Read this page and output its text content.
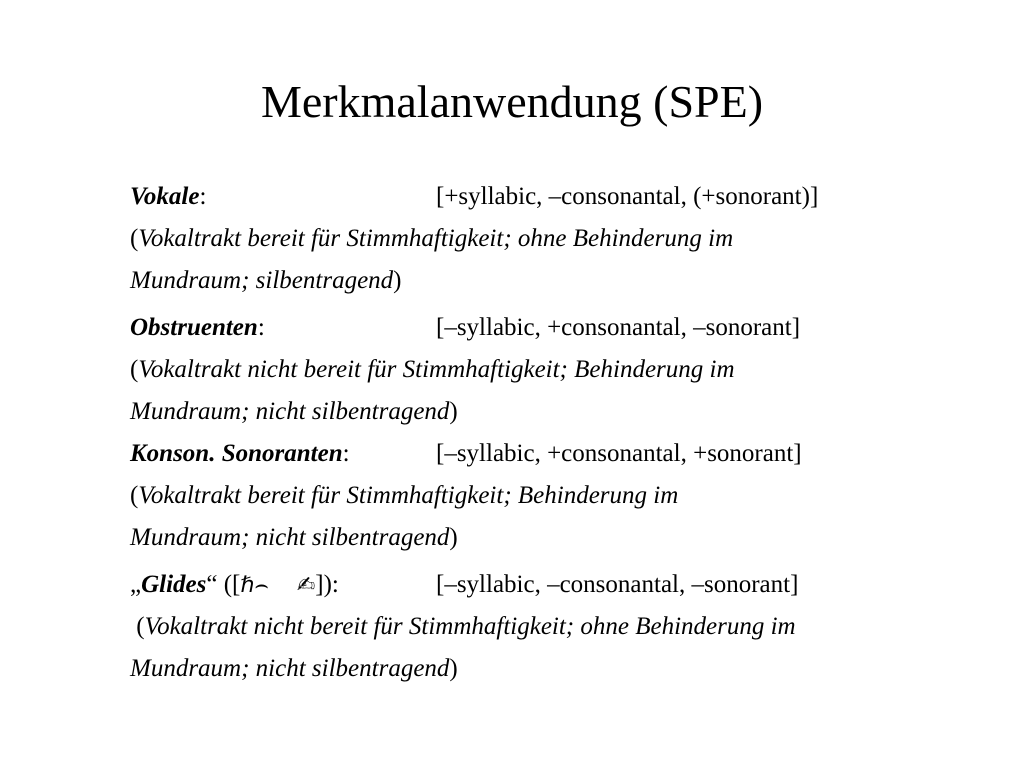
Merkmalanwendung (SPE)
Vokale:	[+syllabic, –consonantal, (+sonorant)]
(Vokaltrakt bereit für Stimmhaftigkeit; ohne Behinderung im
Mundraum; silbentragend)
Obstruenten:	[–syllabic, +consonantal, –sonorant]
(Vokaltrakt nicht bereit für Stimmhaftigkeit; Behinderung im
Mundraum; nicht silbentragend)
Konson. Sonoranten:	[–syllabic, +consonantal, +sonorant]
(Vokaltrakt bereit für Stimmhaftigkeit; Behinderung im
Mundraum; nicht silbentragend)
„Glides“ ([ℏ⌢ ✍]):	[–syllabic, –consonantal, –sonorant]
(Vokaltrakt nicht bereit für Stimmhaftigkeit; ohne Behinderung im
Mundraum; nicht silbentragend)
